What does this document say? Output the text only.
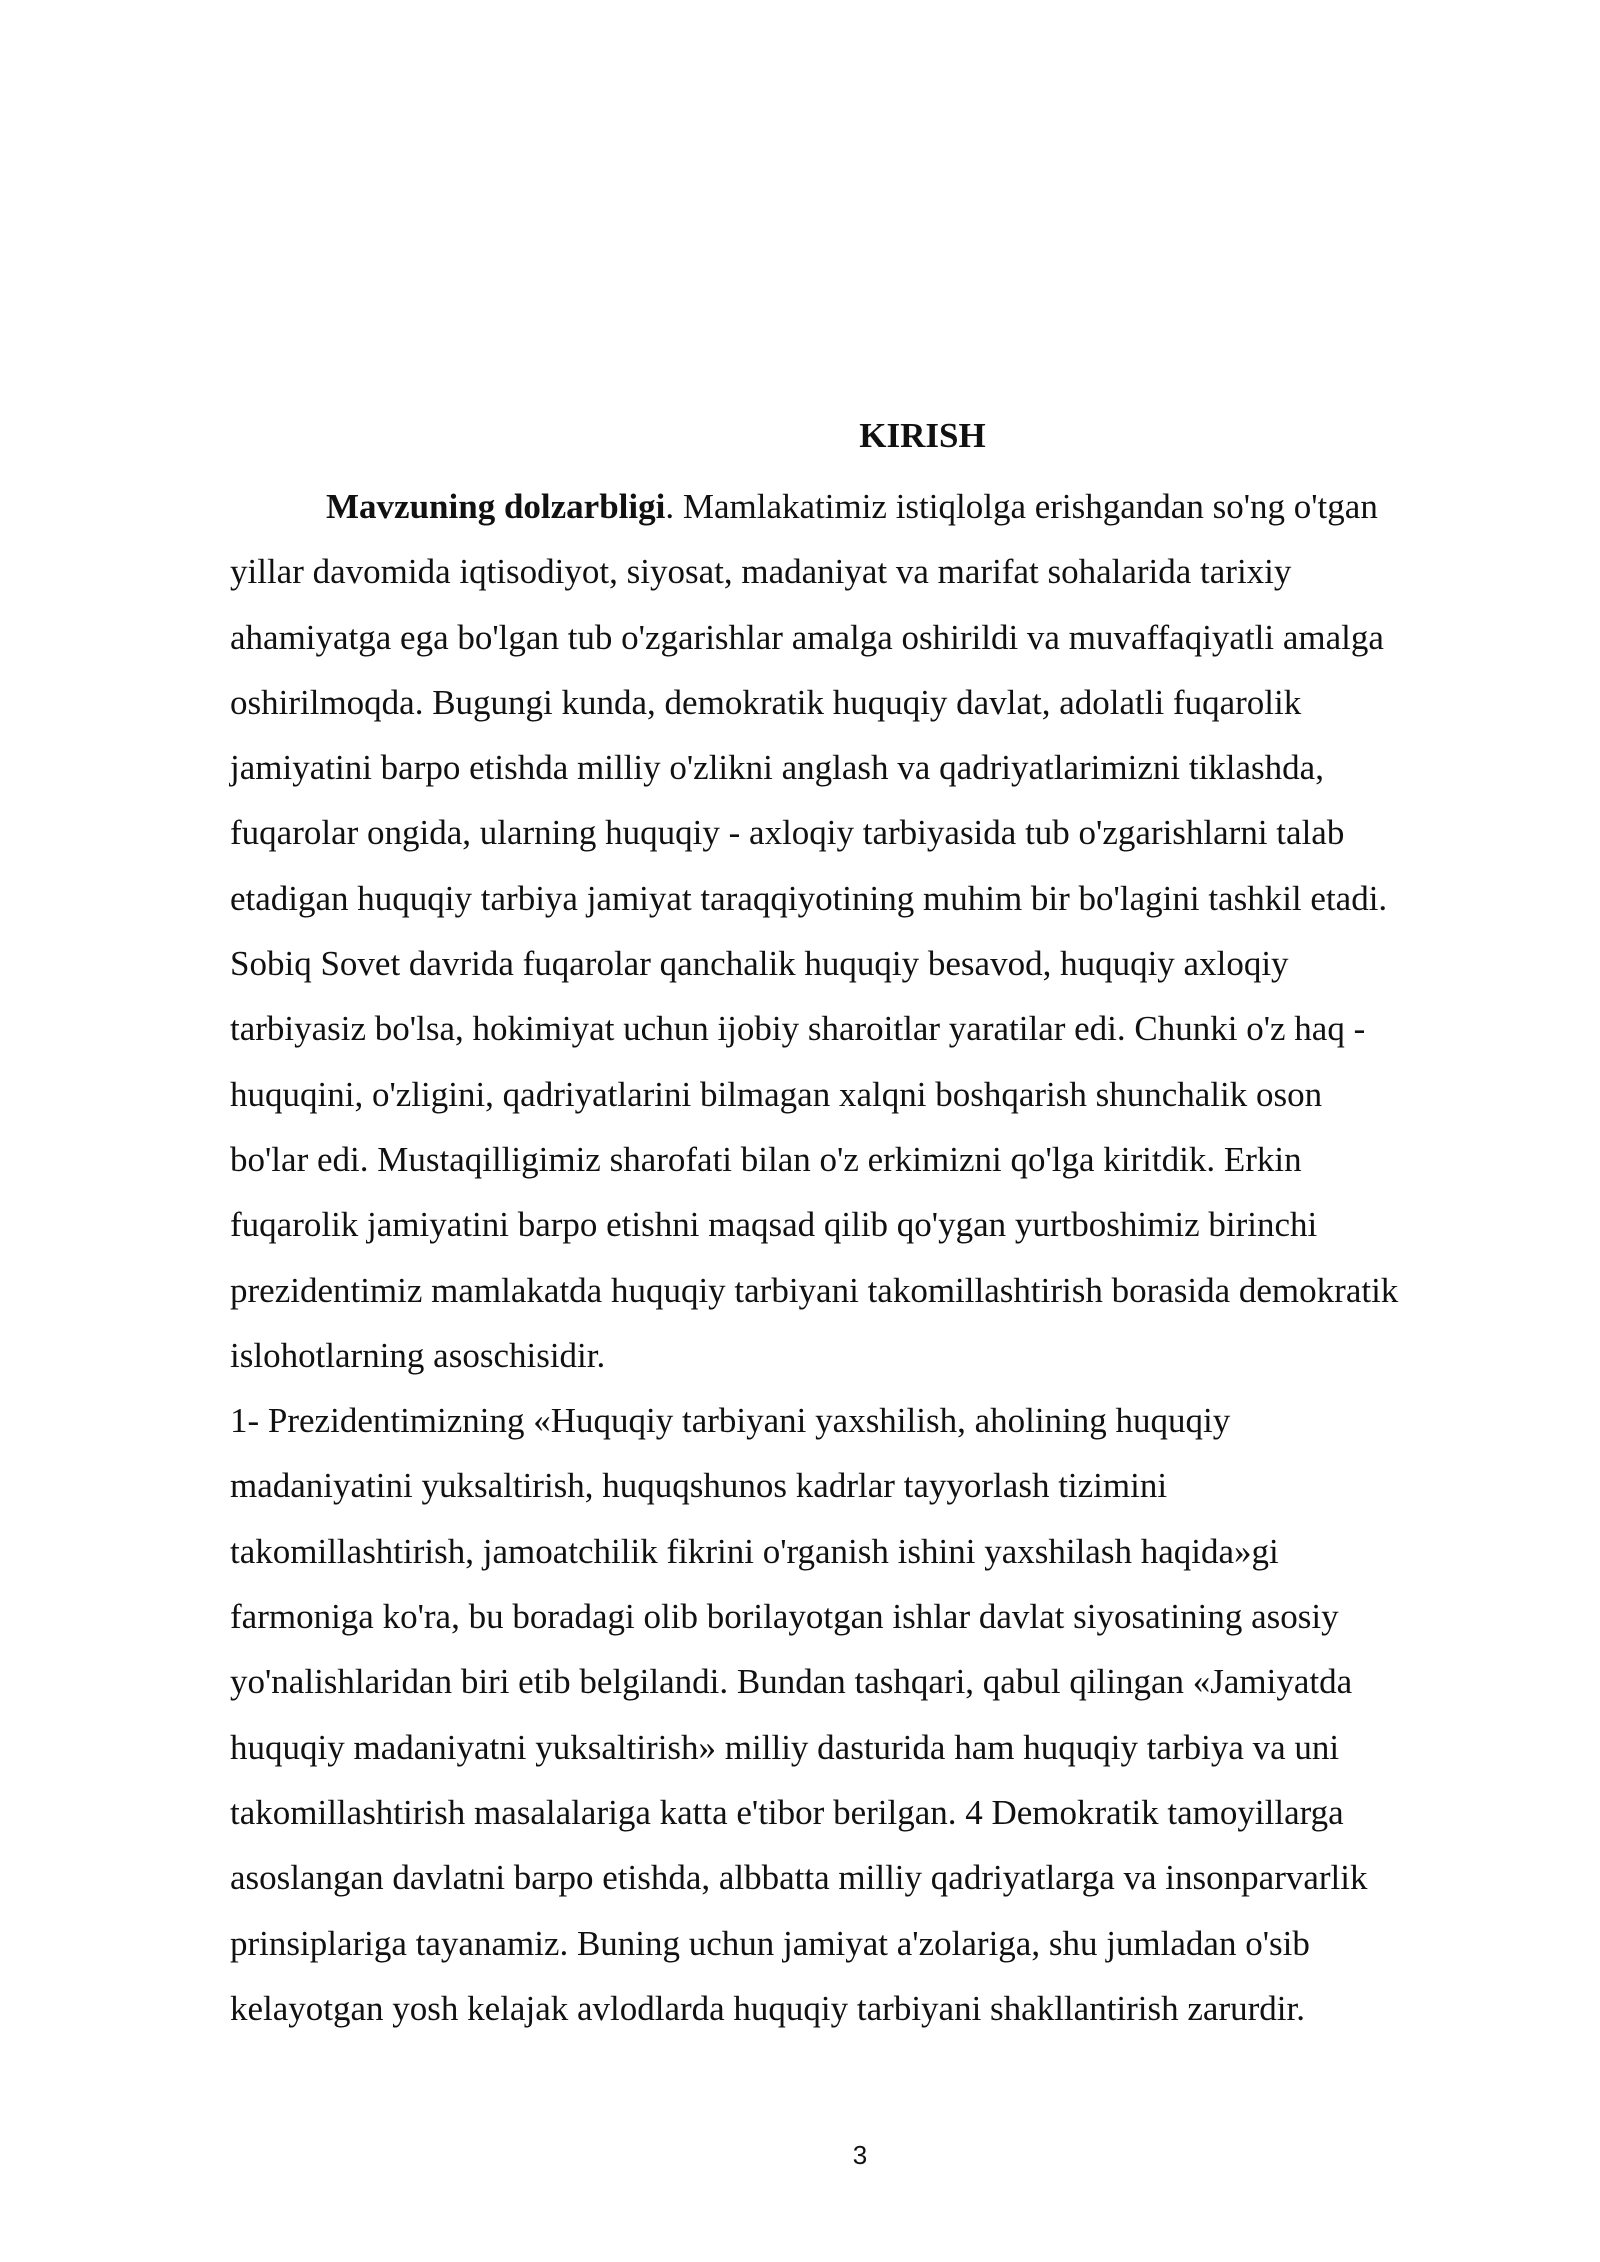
KIRISH

Mavzuning dolzarbligi. Mamlakatimiz istiqlolga erishgandan so'ng o'tgan
yillar davomida iqtisodiyot, siyosat, madaniyat va marifat sohalarida tarixiy
ahamiyatga ega bo'lgan tub o'zgarishlar amalga oshirildi va muvaffaqiyatli amalga
oshirilmoqda. Bugungi kunda, demokratik huquqiy davlat, adolatli fuqarolik
jamiyatini barpo etishda milliy o'zlikni anglash va qadriyatlarimizni tiklashda,
fuqarolar ongida, ularning huquqiy - axloqiy tarbiyasida tub o'zgarishlarni talab
etadigan huquqiy tarbiya jamiyat taraqqiyotining muhim bir bo'lagini tashkil etadi.
Sobiq Sovet davrida fuqarolar qanchalik huquqiy besavod, huquqiy axloqiy
tarbiyasiz bo'lsa, hokimiyat uchun ijobiy sharoitlar yaratilar edi. Chunki o'z haq -
huquqini, o'zligini, qadriyatlarini bilmagan xalqni boshqarish shunchalik oson
bo'lar edi. Mustaqilligimiz sharofati bilan o'z erkimizni qo'lga kiritdik. Erkin
fuqarolik jamiyatini barpo etishni maqsad qilib qo'ygan yurtboshimiz birinchi
prezidentimiz mamlakatda huquqiy tarbiyani takomillashtirish borasida demokratik
islohotlarning asoschisidir.

1- Prezidentimizning «Huquqiy tarbiyani yaxshilish, aholining huquqiy
madaniyatini yuksaltirish, huquqshunos kadrlar tayyorlash tizimini
takomillashtirish, jamoatchilik fikrini o'rganish ishini yaxshilash haqida»gi
farmoniga ko'ra, bu boradagi olib borilayotgan ishlar davlat siyosatining asosiy
yo'nalishlaridan biri etib belgilandi. Bundan tashqari, qabul qilingan «Jamiyatda
huquqiy madaniyatni yuksaltirish» milliy dasturida ham huquqiy tarbiya va uni
takomillashtirish masalalariga katta e'tibor berilgan. 4 Demokratik tamoyillarga
asoslangan davlatni barpo etishda, albbatta milliy qadriyatlarga va insonparvarlik
prinsiplariga tayanamiz. Buning uchun jamiyat a'zolariga, shu jumladan o'sib
kelayotgan yosh kelajak avlodlarda huquqiy tarbiyani shakllantirish zarurdir.

3
